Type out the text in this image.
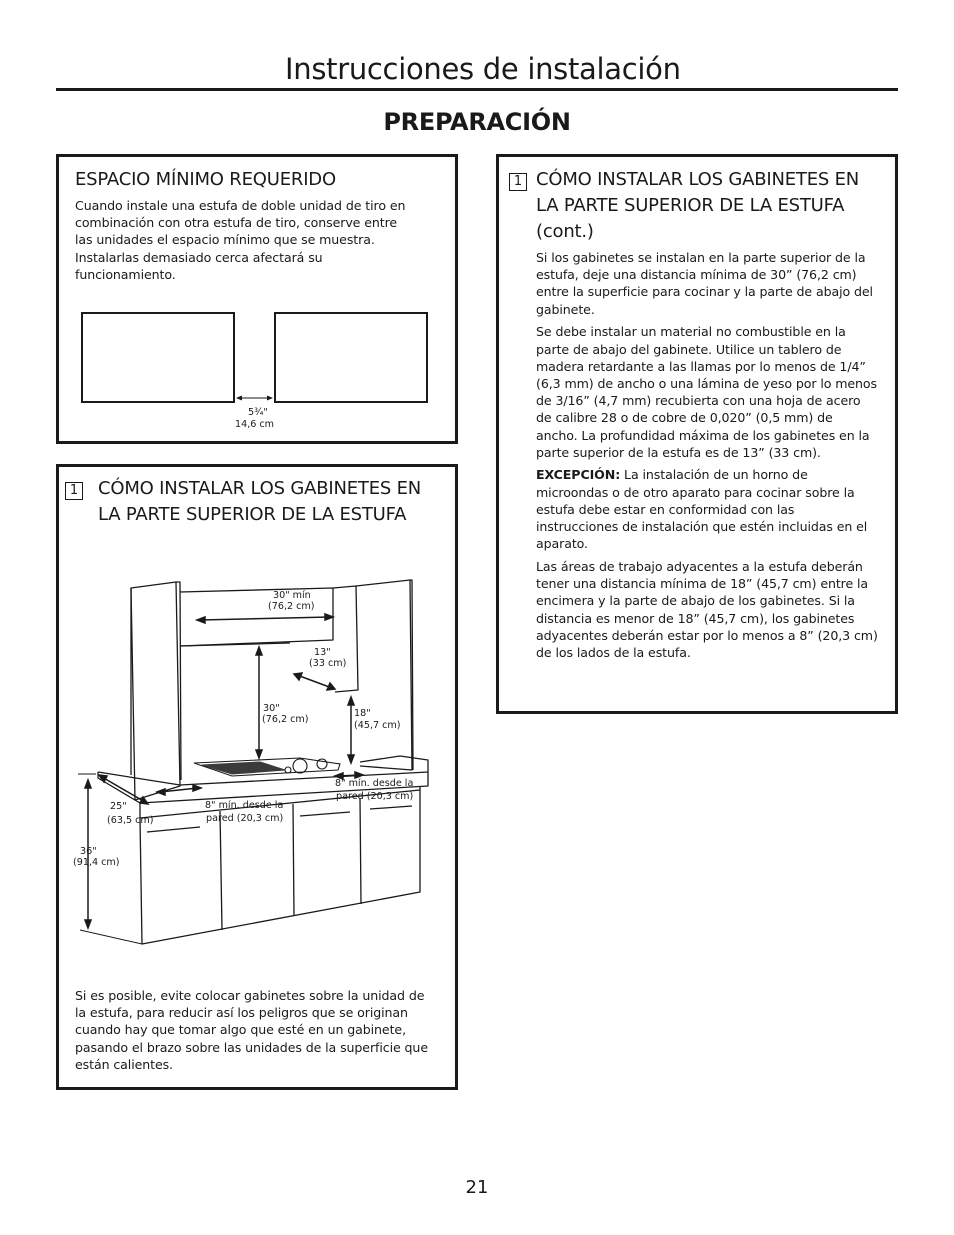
Instrucciones de instalación
PREPARACIÓN
ESPACIO MÍNIMO REQUERIDO
Cuando instale una estufa de doble unidad de tiro en combinación con otra estufa de tiro, conserve entre las unidades el espacio mínimo que se muestra. Instalarlas demasiado cerca afectará su funcionamiento.
5¾"
14,6 cm
1 CÓMO INSTALAR LOS GABINETES EN LA PARTE SUPERIOR DE LA ESTUFA
30" mín
(76,2 cm)
13"
(33 cm)
30"
(76,2 cm)
18"
(45,7 cm)
8" mín. desde la
pared (20,3 cm)
8" mín. desde la
pared (20,3 cm)
25"
(63,5 cm)
36"
(91,4 cm)
Si es posible, evite colocar gabinetes sobre la unidad de la estufa, para reducir así los peligros que se originan cuando hay que tomar algo que esté en un gabinete, pasando el brazo sobre las unidades de la superficie que están calientes.
1 CÓMO INSTALAR LOS GABINETES EN LA PARTE SUPERIOR DE LA ESTUFA (cont.)

Si los gabinetes se instalan en la parte superior de la estufa, deje una distancia mínima de 30” (76,2 cm) entre la superficie para cocinar y la parte de abajo del gabinete.

Se debe instalar un material no combustible en la parte de abajo del gabinete. Utilice un tablero de madera retardante a las llamas por lo menos de 1/4” (6,3 mm) de ancho o una lámina de yeso por lo menos de 3/16” (4,7 mm) recubierta con una hoja de acero de calibre 28 o de cobre de 0,020” (0,5 mm) de ancho. La profundidad máxima de los gabinetes en la parte superior de la estufa es de 13” (33 cm).

EXCEPCIÓN: La instalación de un horno de microondas o de otro aparato para cocinar sobre la estufa debe estar en conformidad con las instrucciones de instalación que estén incluidas en el aparato.

Las áreas de trabajo adyacentes a la estufa deberán tener una distancia mínima de 18” (45,7 cm) entre la encimera y la parte de abajo de los gabinetes. Si la distancia es menor de 18” (45,7 cm), los gabinetes adyacentes deberán estar por lo menos a 8” (20,3 cm) de los lados de la estufa.

21
